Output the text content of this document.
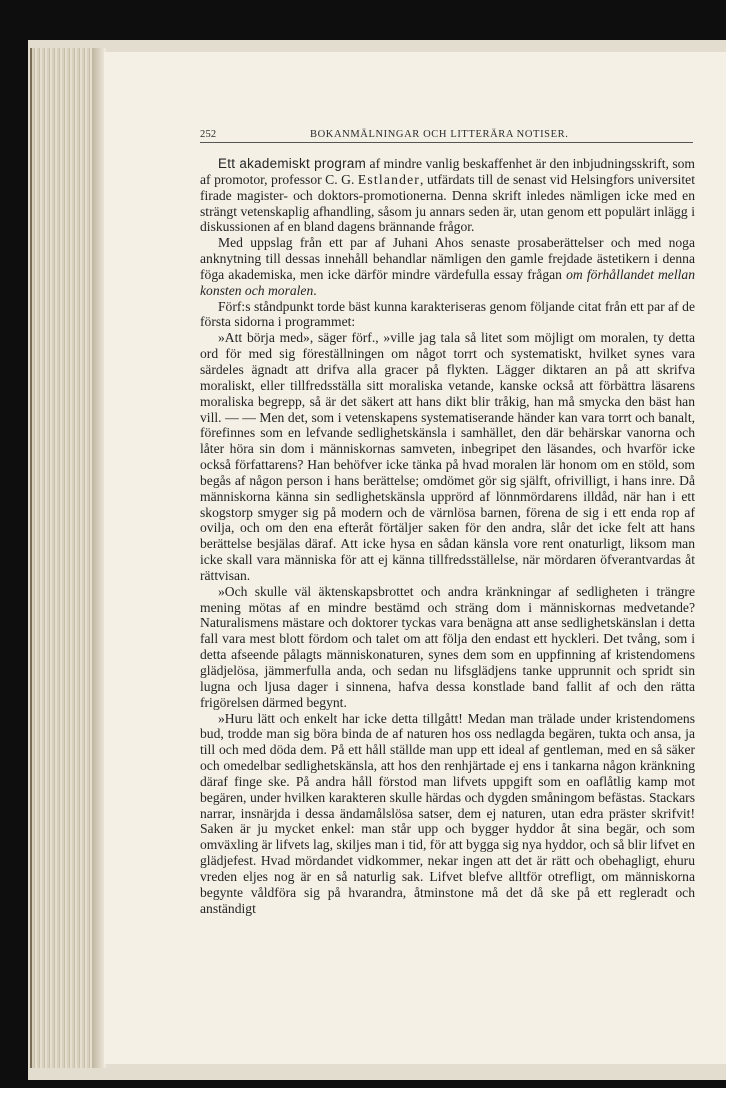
252	BOKANMÄLNINGAR OCH LITTERÄRA NOTISER.

Ett akademiskt program af mindre vanlig beskaffenhet är den inbjudningsskrift, som af promotor, professor C. G. Estlander, utfärdats till de senast vid Helsingfors universitet firade magister- och doktors-promotionerna. Denna skrift inledes nämligen icke med en strängt vetenskaplig afhandling, såsom ju annars seden är, utan genom ett populärt inlägg i diskussionen af en bland dagens brännande frågor.

Med uppslag från ett par af Juhani Ahos senaste prosaberättelser och med noga anknytning till dessas innehåll behandlar nämligen den gamle frejdade ästetikern i denna föga akademiska, men icke därför mindre värdefulla essay frågan om förhållandet mellan konsten och moralen.

Förf:s ståndpunkt torde bäst kunna karakteriseras genom följande citat från ett par af de första sidorna i programmet:

»Att börja med», säger förf., »ville jag tala så litet som möjligt om moralen, ty detta ord för med sig föreställningen om något torrt och systematiskt, hvilket synes vara särdeles ägnadt att drifva alla gracer på flykten. Lägger diktaren an på att skrifva moraliskt, eller tillfredsställa sitt moraliska vetande, kanske också att förbättra läsarens moraliska begrepp, så är det säkert att hans dikt blir tråkig, han må smycka den bäst han vill. — — Men det, som i vetenskapens systematiserande händer kan vara torrt och banalt, förefinnes som en lefvande sedlighetskänsla i samhället, den där behärskar vanorna och låter höra sin dom i människornas samveten, inbegripet den läsandes, och hvarför icke också författarens? Han behöfver icke tänka på hvad moralen lär honom om en stöld, som begås af någon person i hans berättelse; omdömet gör sig själft, ofrivilligt, i hans inre. Då människorna känna sin sedlighetskänsla upprörd af lönnmördarens illdåd, när han i ett skogstorp smyger sig på modern och de värnlösa barnen, förena de sig i ett enda rop af ovilja, och om den ena efteråt förtäljer saken för den andra, slår det icke felt att hans berättelse besjälas däraf. Att icke hysa en sådan känsla vore rent onaturligt, liksom man icke skall vara människa för att ej känna tillfredsställelse, när mördaren öfverantvardas åt rättvisan.

»Och skulle väl äktenskapsbrottet och andra kränkningar af sedligheten i trängre mening mötas af en mindre bestämd och sträng dom i människornas medvetande? Naturalismens mästare och doktorer tyckas vara benägna att anse sedlighetskänslan i detta fall vara mest blott fördom och talet om att följa den endast ett hyckleri. Det tvång, som i detta afseende pålagts människonaturen, synes dem som en uppfinning af kristendomens glädjelösa, jämmerfulla anda, och sedan nu lifsglädjens tanke upprunnit och spridt sin lugna och ljusa dager i sinnena, hafva dessa konstlade band fallit af och den rätta frigörelsen därmed begynt.

»Huru lätt och enkelt har icke detta tillgått! Medan man trälade under kristendomens bud, trodde man sig böra binda de af naturen hos oss nedlagda begären, tukta och ansa, ja till och med döda dem. På ett håll ställde man upp ett ideal af gentleman, med en så säker och omedelbar sedlighetskänsla, att hos den renhjärtade ej ens i tankarna någon kränkning däraf finge ske. På andra håll förstod man lifvets uppgift som en oaflåtlig kamp mot begären, under hvilken karakteren skulle härdas och dygden småningom befästas. Stackars narrar, insnärjda i dessa ändamålslösa satser, dem ej naturen, utan edra präster skrifvit! Saken är ju mycket enkel: man står upp och bygger hyddor åt sina begär, och som omväxling är lifvets lag, skiljes man i tid, för att bygga sig nya hyddor, och så blir lifvet en glädjefest. Hvad mördandet vidkommer, nekar ingen att det är rätt och obehagligt, ehuru vreden eljes nog är en så naturlig sak. Lifvet blefve alltför otrefligt, om människorna begynte våldföra sig på hvarandra, åtminstone må det då ske på ett regleradt och anständigt
